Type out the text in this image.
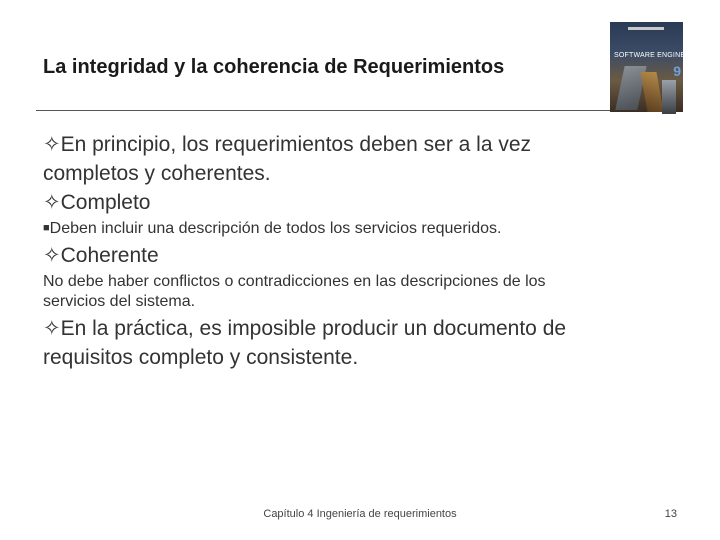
La integridad y la coherencia de Requerimientos
SOFTWARE ENGINEERING
9
✧En principio, los requerimientos deben ser a la vez
completos y coherentes.
✧Completo
■Deben incluir una descripción de todos los servicios requeridos.
✧Coherente
No debe haber conflictos o contradicciones en las descripciones de los
servicios del sistema.
✧En la práctica, es imposible producir un documento de
requisitos completo y consistente.
Capítulo 4 Ingeniería de requerimientos	13
